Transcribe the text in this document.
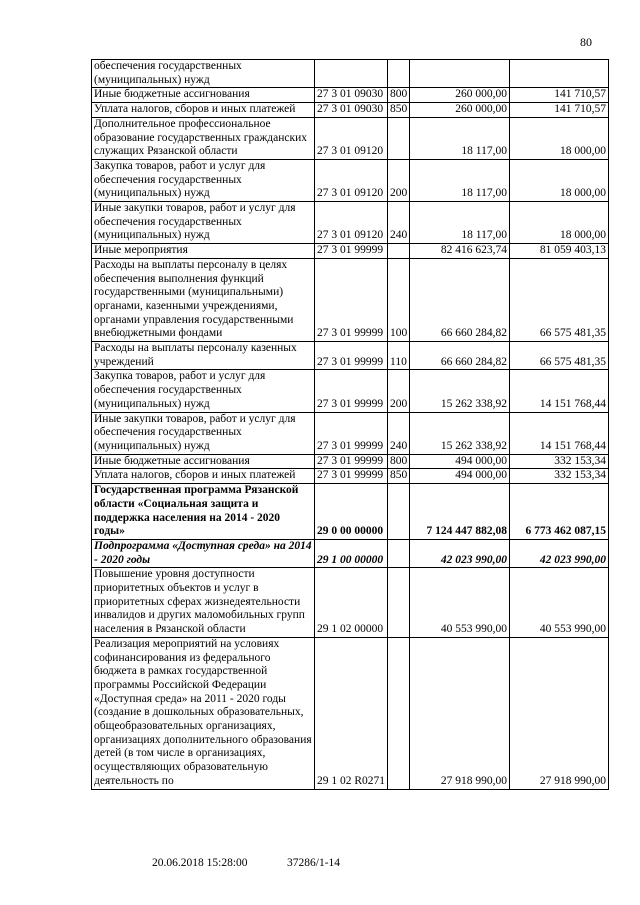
80
обеспечения государственных (муниципальных) нужд				
Иные бюджетные ассигнования	27 3 01 09030	800	260 000,00	141 710,57
Уплата налогов, сборов и иных платежей	27 3 01 09030	850	260 000,00	141 710,57
Дополнительное профессиональное образование государственных гражданских служащих Рязанской области	27 3 01 09120		18 117,00	18 000,00
Закупка товаров, работ и услуг для обеспечения государственных (муниципальных) нужд	27 3 01 09120	200	18 117,00	18 000,00
Иные закупки товаров, работ и услуг для обеспечения государственных (муниципальных) нужд	27 3 01 09120	240	18 117,00	18 000,00
Иные мероприятия	27 3 01 99999		82 416 623,74	81 059 403,13
Расходы на выплаты персоналу в целях обеспечения выполнения функций государственными (муниципальными) органами, казенными учреждениями, органами управления государственными внебюджетными фондами	27 3 01 99999	100	66 660 284,82	66 575 481,35
Расходы на выплаты персоналу казенных учреждений	27 3 01 99999	110	66 660 284,82	66 575 481,35
Закупка товаров, работ и услуг для обеспечения государственных (муниципальных) нужд	27 3 01 99999	200	15 262 338,92	14 151 768,44
Иные закупки товаров, работ и услуг для обеспечения государственных (муниципальных) нужд	27 3 01 99999	240	15 262 338,92	14 151 768,44
Иные бюджетные ассигнования	27 3 01 99999	800	494 000,00	332 153,34
Уплата налогов, сборов и иных платежей	27 3 01 99999	850	494 000,00	332 153,34
Государственная программа Рязанской области «Социальная защита и поддержка населения на 2014 - 2020 годы»	29 0 00 00000		7 124 447 882,08	6 773 462 087,15
Подпрограмма «Доступная среда» на 2014 - 2020 годы	29 1 00 00000		42 023 990,00	42 023 990,00
Повышение уровня доступности приоритетных объектов и услуг в приоритетных сферах жизнедеятельности инвалидов и других маломобильных групп населения в Рязанской области	29 1 02 00000		40 553 990,00	40 553 990,00
Реализация мероприятий на условиях софинансирования из федерального бюджета в рамках государственной программы Российской Федерации «Доступная среда» на 2011 - 2020 годы (создание в дошкольных образовательных, общеобразовательных организациях, организациях дополнительного образования детей (в том числе в организациях, осуществляющих образовательную деятельность по	29 1 02 R0271		27 918 990,00	27 918 990,00
20.06.2018 15:28:00	37286/1-14
